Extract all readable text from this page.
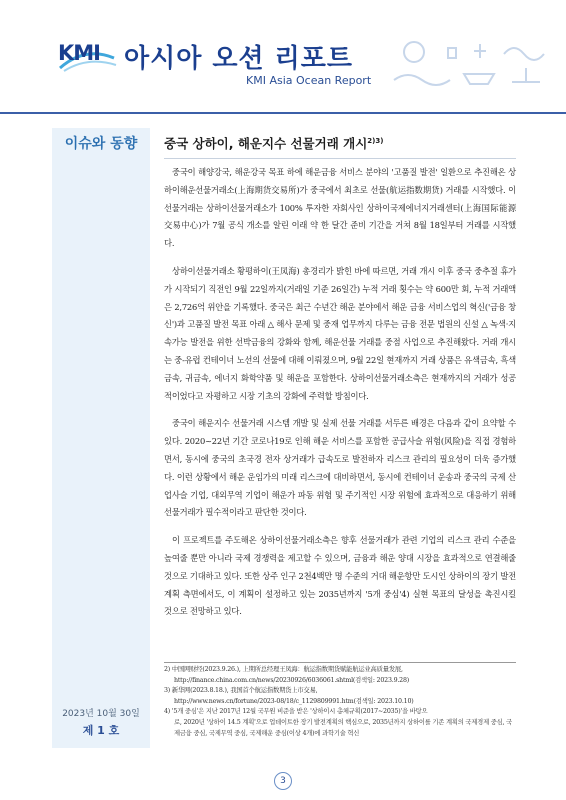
KMI 아시아 오션 리포트
KMI Asia Ocean Report
이슈와 동향
2023년 10월 30일
제 1 호
중국 상하이, 해운지수 선물거래 개시$^{2)3)}$

중국이 해양강국, 해운강국 목표 하에 해운금융 서비스 분야의 '고품질 발전' 일환으로 추진해온 상하이해운선물거래소(上海期货交易所)가 중국에서 최초로 선물(航运指数期货) 거래를 시작했다. 이 선물거래는 상하이선물거래소가 100% 투자한 자회사인 상하이국제에너지거래센터(上海国际能源交易中心)가 7월 공식 개소를 알린 이래 약 한 달간 준비 기간을 거쳐 8월 18일부터 거래를 시작했다.

상하이선물거래소 황평하이(王凤海) 총경리가 밝힌 바에 따르면, 거래 개시 이후 중국 중추절 휴가가 시작되기 직전인 9월 22일까지(거래일 기준 26일간) 누적 거래 횟수는 약 600만 회, 누적 거래액은 2,726억 위안을 기록했다. 중국은 최근 수년간 해운 분야에서 해운 금융 서비스업의 혁신('금융 창신')과 고품질 발전 목표 아래 △ 해사 문제 및 중재 업무까지 다루는 금융 전문 법원의 신설 △ 녹색·지속가능 발전을 위한 선박금융의 강화와 함께, 해운선물 거래를 중점 사업으로 추진해왔다. 거래 개시는 중-유럽 컨테이너 노선의 선물에 대해 이뤄졌으며, 9월 22일 현재까지 거래 상품은 유색금속, 흑색금속, 귀금속, 에너지 화학약품 및 해운을 포함한다. 상하이선물거래소측은 현재까지의 거래가 성공적이었다고 자평하고 시장 기초의 강화에 주력할 방침이다.

중국이 해운지수 선물거래 시스템 개발 및 실제 선물 거래를 서두른 배경은 다음과 같이 요약할 수 있다. 2020~22년 기간 코로나19로 인해 해운 서비스를 포함한 공급사슬 위험(风险)을 직접 경험하면서, 동시에 중국의 초국경 전자 상거래가 급속도로 발전하자 리스크 관리의 필요성이 더욱 증가했다. 이런 상황에서 해운 운임가의 미래 리스크에 대비하면서, 동시에 컨테이너 운송과 중국의 국제 산업사슬 기업, 대외무역 기업이 해운가 파동 위험 및 주기적인 시장 위험에 효과적으로 대응하기 위해 선물거래가 필수적이라고 판단한 것이다.

이 프로젝트를 주도해온 상하이선물거래소측은 향후 선물거래가 관련 기업의 리스크 관리 수준을 높여줄 뿐만 아니라 국제 경쟁력을 제고할 수 있으며, 금융과 해운 양대 시장을 효과적으로 연결해줄 것으로 기대하고 있다. 또한 상주 인구 2천4백만 명 수준의 거대 해운항만 도시인 상하이의 장기 발전계획 측면에서도, 이 계획이 설정하고 있는 2035년까지 '5개 중심'4) 실현 목표의 달성을 촉진시킬 것으로 전망하고 있다.

2) 中国网财经(2023.9.26.), 上期所总经理王凤海：航运指数期货赋能航运业高质量发展,

http://finance.china.com.cn/news/20230926/6036061.shtml(검색일: 2023.9.28)

3) 新华网(2023.8.18.), 我国首个航运指数期货上市交易,

http://www.news.cn/fortune/2023-08/18/c_1129809991.htm(검색일: 2023.10.10)

4) '5개 중심'은 지난 2017년 12월 국무원 비준을 받은 '상하이시 총체규획(2017~2035)'을 바탕으

로, 2020년 '상하이 14.5 계획'으로 업데이트한 장기 발전계획의 핵심으로, 2035년까지 상하이를 기존 계획의 국제경제 중심, 국제금융 중심, 국제무역 중심, 국제해운 중심(이상 4개)에 과학기술 혁신

3
